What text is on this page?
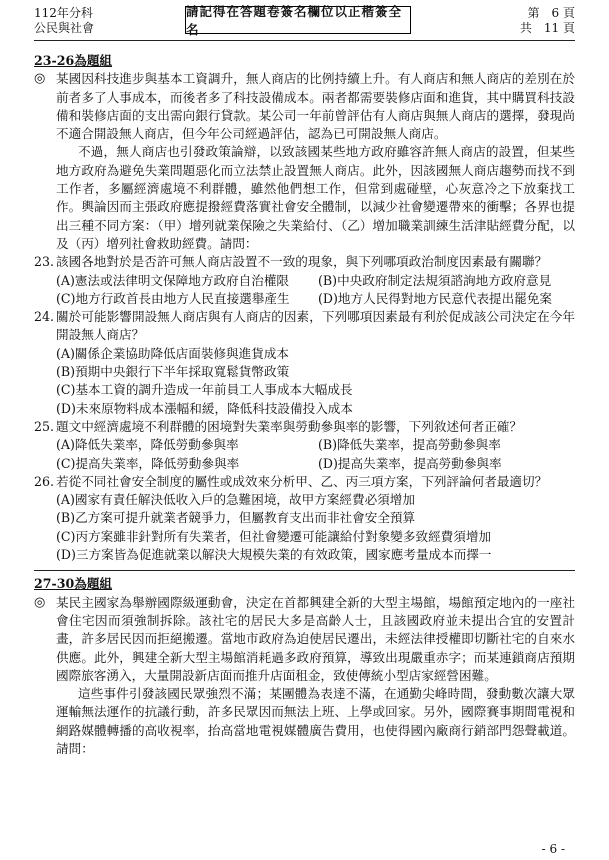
112年分科
公民與社會
請記得在答題卷簽名欄位以正楷簽全名
第　6 頁
共　11 頁

23-26為題組

◎ 某國因科技進步與基本工資調升，無人商店的比例持續上升。有人商店和無人商店的差別在於前者多了人事成本，而後者多了科技設備成本。兩者都需要裝修店面和進貨，其中購買科技設備和裝修店面的支出需向銀行貸款。某公司一年前曾評估有人商店與無人商店的選擇，發現尚不適合開設無人商店，但今年公司經過評估，認為已可開設無人商店。

不過，無人商店也引發政策論辯，以致該國某些地方政府雖容許無人商店的設置，但某些地方政府為避免失業問題惡化而立法禁止設置無人商店。此外，因該國無人商店趨勢而找不到工作者，多屬經濟處境不利群體，雖然他們想工作，但常到處碰壁，心灰意冷之下放棄找工作。輿論因而主張政府應提撥經費落實社會安全體制，以減少社會變遷帶來的衝擊；各界也提出三種不同方案：（甲）增列就業保險之失業給付、（乙）增加職業訓練生活津貼經費分配，以及（丙）增列社會救助經費。請問：

23. 該國各地對於是否許可無人商店設置不一致的現象，與下列哪項政治制度因素最有關聯？
(A)憲法或法律明文保障地方政府自治權限	(B)中央政府制定法規須諮詢地方政府意見
(C)地方行政首長由地方人民直接選舉產生	(D)地方人民得對地方民意代表提出罷免案
24. 關於可能影響開設無人商店與有人商店的因素，下列哪項因素最有利於促成該公司決定在今年開設無人商店？
(A)關係企業協助降低店面裝修與進貨成本
(B)預期中央銀行下半年採取寬鬆貨幣政策
(C)基本工資的調升造成一年前員工人事成本大幅成長
(D)未來原物料成本漲幅和緩，降低科技設備投入成本
25. 題文中經濟處境不利群體的困境對失業率與勞動參與率的影響，下列敘述何者正確？
(A)降低失業率，降低勞動參與率	(B)降低失業率，提高勞動參與率
(C)提高失業率，降低勞動參與率	(D)提高失業率，提高勞動參與率
26. 若從不同社會安全制度的屬性或成效來分析甲、乙、丙三項方案，下列評論何者最適切？
(A)國家有責任解決低收入戶的急難困境，故甲方案經費必須增加
(B)乙方案可提升就業者競爭力，但屬教育支出而非社會安全預算
(C)丙方案雖非針對所有失業者，但社會變遷可能讓給付對象變多致經費須增加
(D)三方案皆為促進就業以解決大規模失業的有效政策，國家應考量成本而擇一

27-30為題組

◎ 某民主國家為舉辦國際級運動會，決定在首都興建全新的大型主場館，場館預定地內的一座社會住宅因而須強制拆除。該社宅的居民大多是高齡人士，且該國政府並未提出合宜的安置計畫，許多居民因而拒絕搬遷。當地市政府為迫使居民遷出，未經法律授權即切斷社宅的自來水供應。此外，興建全新大型主場館消耗過多政府預算，導致出現嚴重赤字；而某連鎖商店預期國際旅客湧入，大量開設新店面而推升店面租金，致使傳統小型店家經營困難。

這些事件引發該國民眾強烈不滿；某團體為表達不滿，在通勤尖峰時間，發動數次讓大眾運輸無法運作的抗議行動，許多民眾因而無法上班、上學或回家。另外，國際賽事期間電視和網路媒體轉播的高收視率，抬高當地電視媒體廣告費用，也使得國內廠商行銷部門怨聲載道。請問：

- 6 -
